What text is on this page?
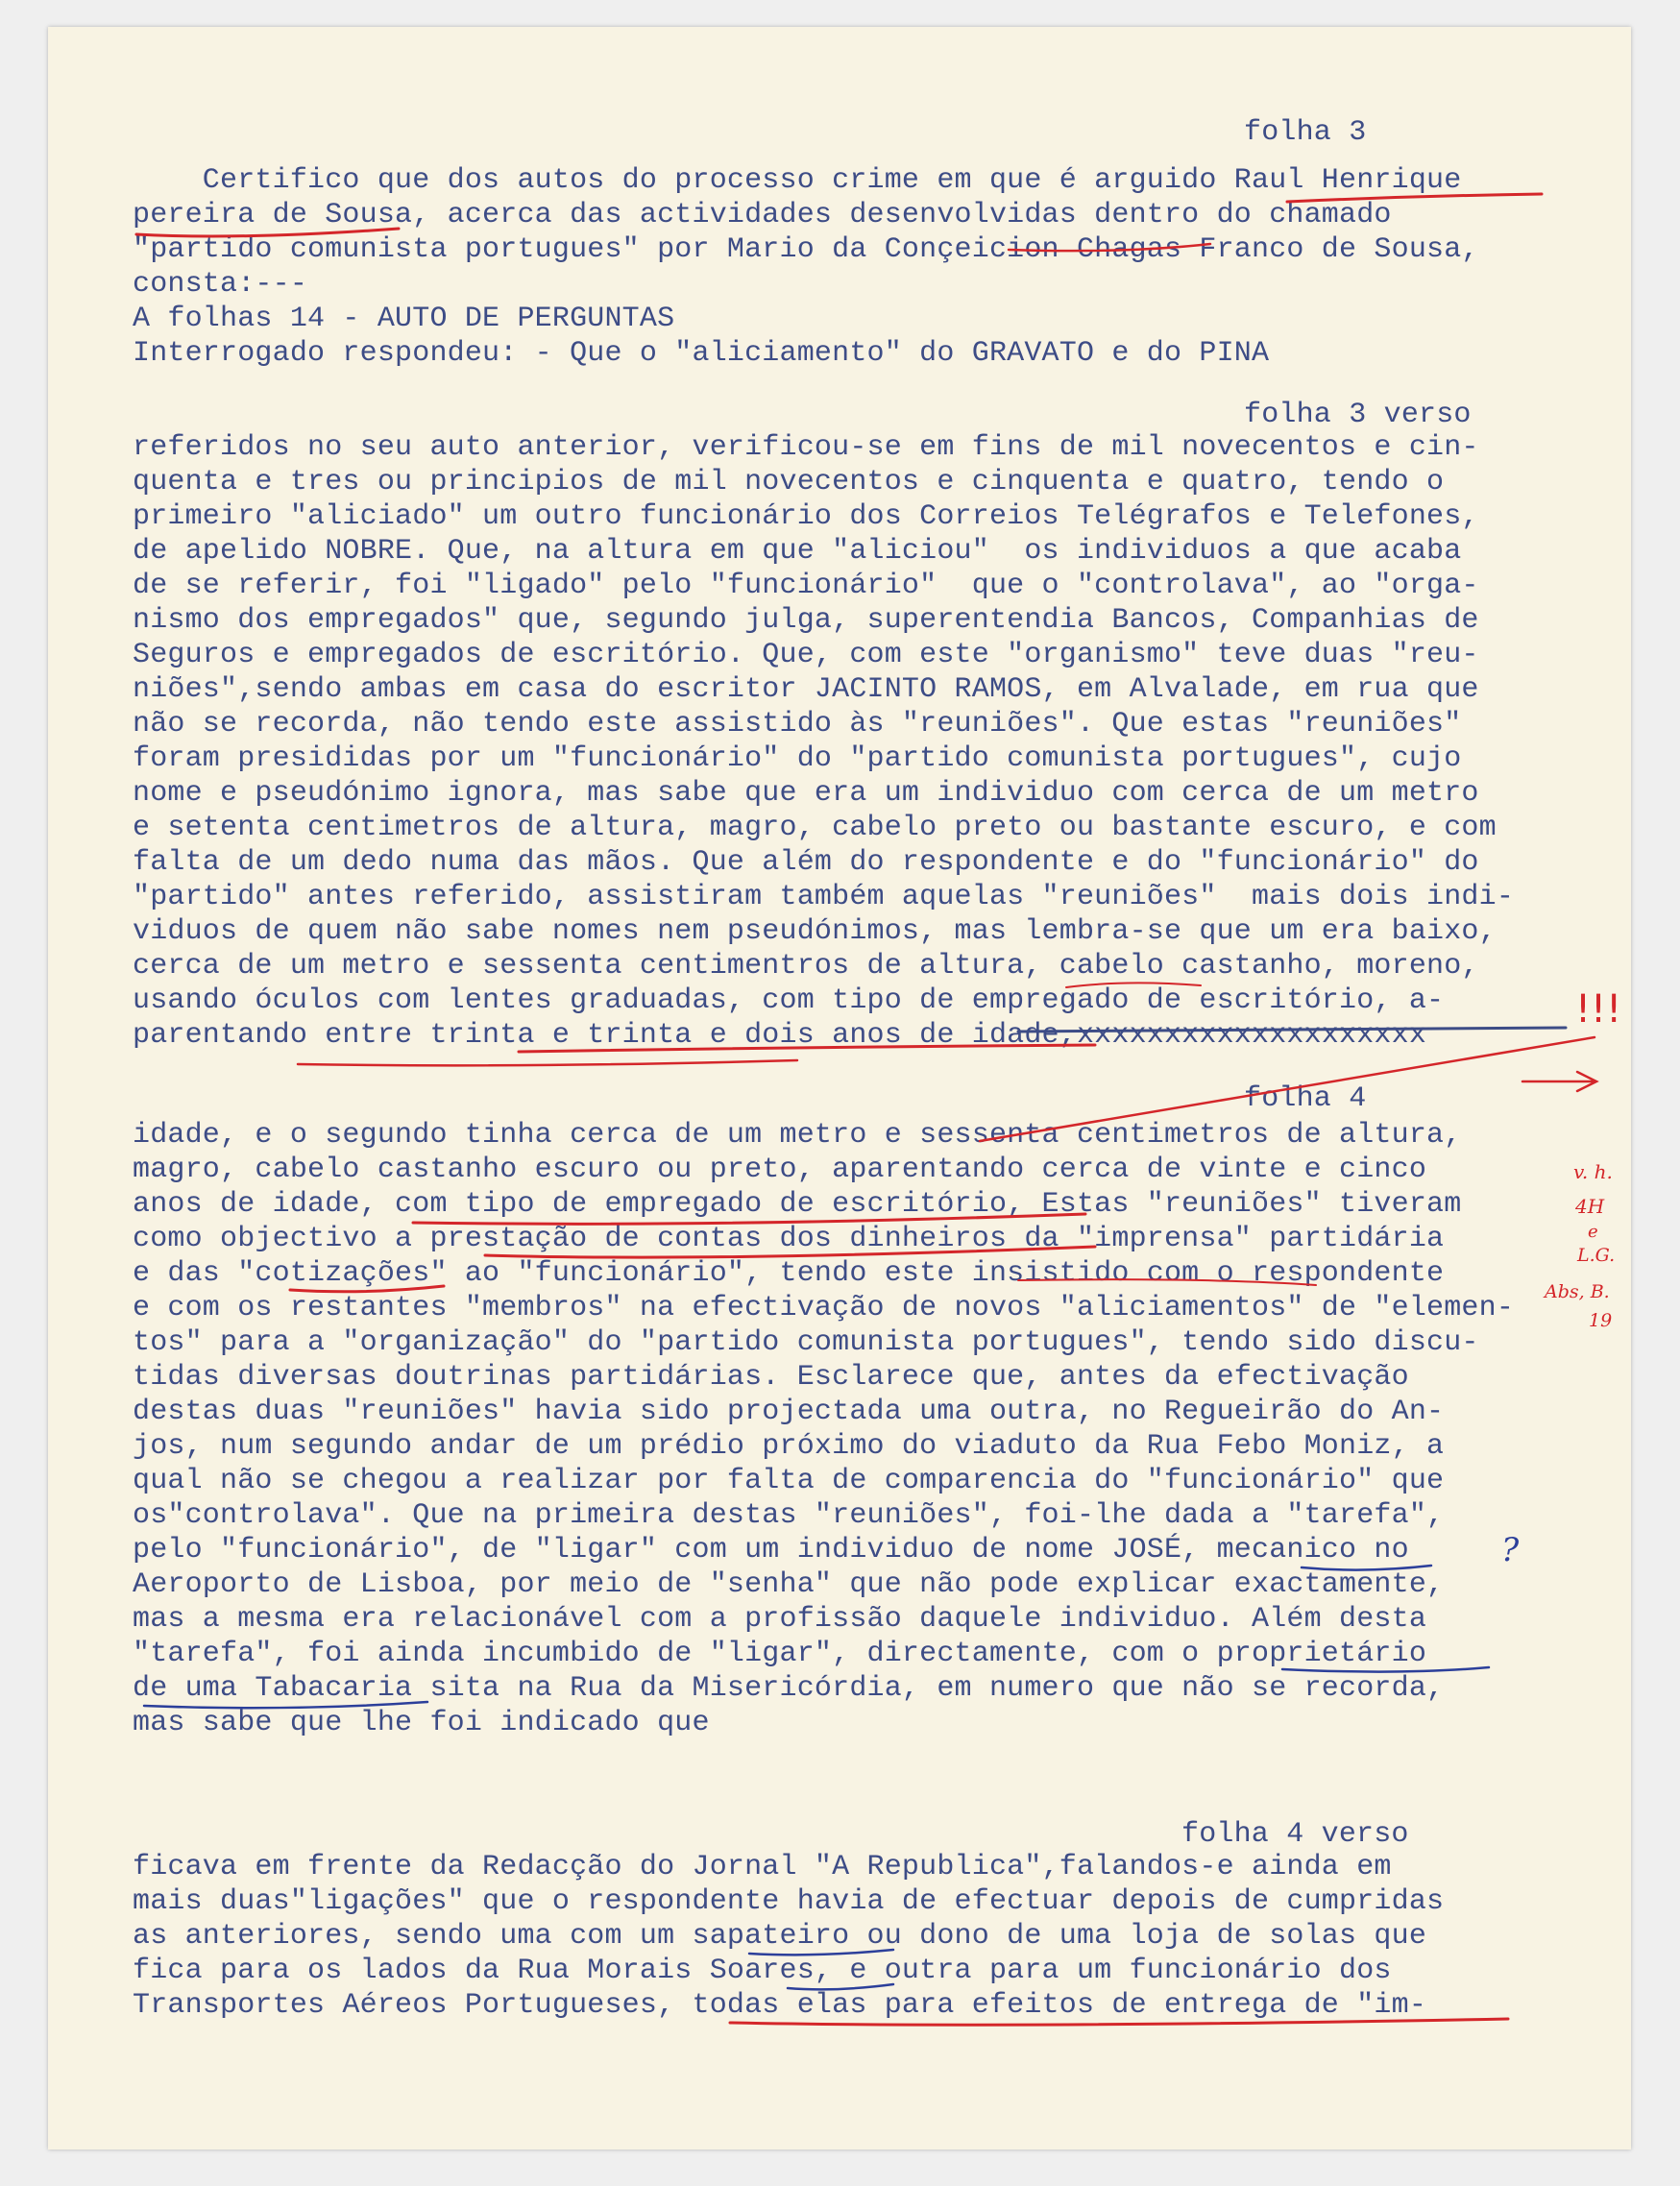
folha 3
Certifico que dos autos do processo crime em que é arguido Raul Henrique
pereira de Sousa, acerca das actividades desenvolvidas dentro do chamado
"partido comunista portugues" por Mario da Conçeicion Chagas Franco de Sousa,
consta:---
A folhas 14 - AUTO DE PERGUNTAS
Interrogado respondeu: - Que o "aliciamento" do GRAVATO e do PINA
folha 3 verso
referidos no seu auto anterior, verificou-se em fins de mil novecentos e cin-
quenta e tres ou principios de mil novecentos e cinquenta e quatro, tendo o
primeiro "aliciado" um outro funcionário dos Correios Telégrafos e Telefones,
de apelido NOBRE. Que, na altura em que "aliciou"  os individuos a que acaba
de se referir, foi "ligado" pelo "funcionário"  que o "controlava", ao "orga-
nismo dos empregados" que, segundo julga, superentendia Bancos, Companhias de
Seguros e empregados de escritório. Que, com este "organismo" teve duas "reu-
niões",sendo ambas em casa do escritor JACINTO RAMOS, em Alvalade, em rua que
não se recorda, não tendo este assistido às "reuniões". Que estas "reuniões"
foram presididas por um "funcionário" do "partido comunista portugues", cujo
nome e pseudónimo ignora, mas sabe que era um individuo com cerca de um metro
e setenta centimetros de altura, magro, cabelo preto ou bastante escuro, e com
falta de um dedo numa das mãos. Que além do respondente e do "funcionário" do
"partido" antes referido, assistiram também aquelas "reuniões"  mais dois indi-
viduos de quem não sabe nomes nem pseudónimos, mas lembra-se que um era baixo,
cerca de um metro e sessenta centimentros de altura, cabelo castanho, moreno,
usando óculos com lentes graduadas, com tipo de empregado de escritório, a-
parentando entre trinta e trinta e dois anos de idade,xxxxxxxxxxxxxxxxxxxx
folha 4
idade, e o segundo tinha cerca de um metro e sessenta centimetros de altura,
magro, cabelo castanho escuro ou preto, aparentando cerca de vinte e cinco
anos de idade, com tipo de empregado de escritório, Estas "reuniões" tiveram
como objectivo a prestação de contas dos dinheiros da "imprensa" partidária
e das "cotizações" ao "funcionário", tendo este insistido com o respondente
e com os restantes "membros" na efectivação de novos "aliciamentos" de "elemen-
tos" para a "organização" do "partido comunista portugues", tendo sido discu-
tidas diversas doutrinas partidárias. Esclarece que, antes da efectivação
destas duas "reuniões" havia sido projectada uma outra, no Regueirão do An-
jos, num segundo andar de um prédio próximo do viaduto da Rua Febo Moniz, a
qual não se chegou a realizar por falta de comparencia do "funcionário" que
os"controlava". Que na primeira destas "reuniões", foi-lhe dada a "tarefa",
pelo "funcionário", de "ligar" com um individuo de nome JOSÉ, mecanico no
Aeroporto de Lisboa, por meio de "senha" que não pode explicar exactamente,
mas a mesma era relacionável com a profissão daquele individuo. Além desta
"tarefa", foi ainda incumbido de "ligar", directamente, com o proprietário
de uma Tabacaria sita na Rua da Misericórdia, em numero que não se recorda,
mas sabe que lhe foi indicado que
folha 4 verso
ficava em frente da Redacção do Jornal "A Republica",falandos-e ainda em
mais duas"ligações" que o respondente havia de efectuar depois de cumpridas
as anteriores, sendo uma com um sapateiro ou dono de uma loja de solas que
fica para os lados da Rua Morais Soares, e outra para um funcionário dos
Transportes Aéreos Portugueses, todas elas para efeitos de entrega de "im-
!!!
v. h.
4H
e
L.G.
Abs, B.
19
?
